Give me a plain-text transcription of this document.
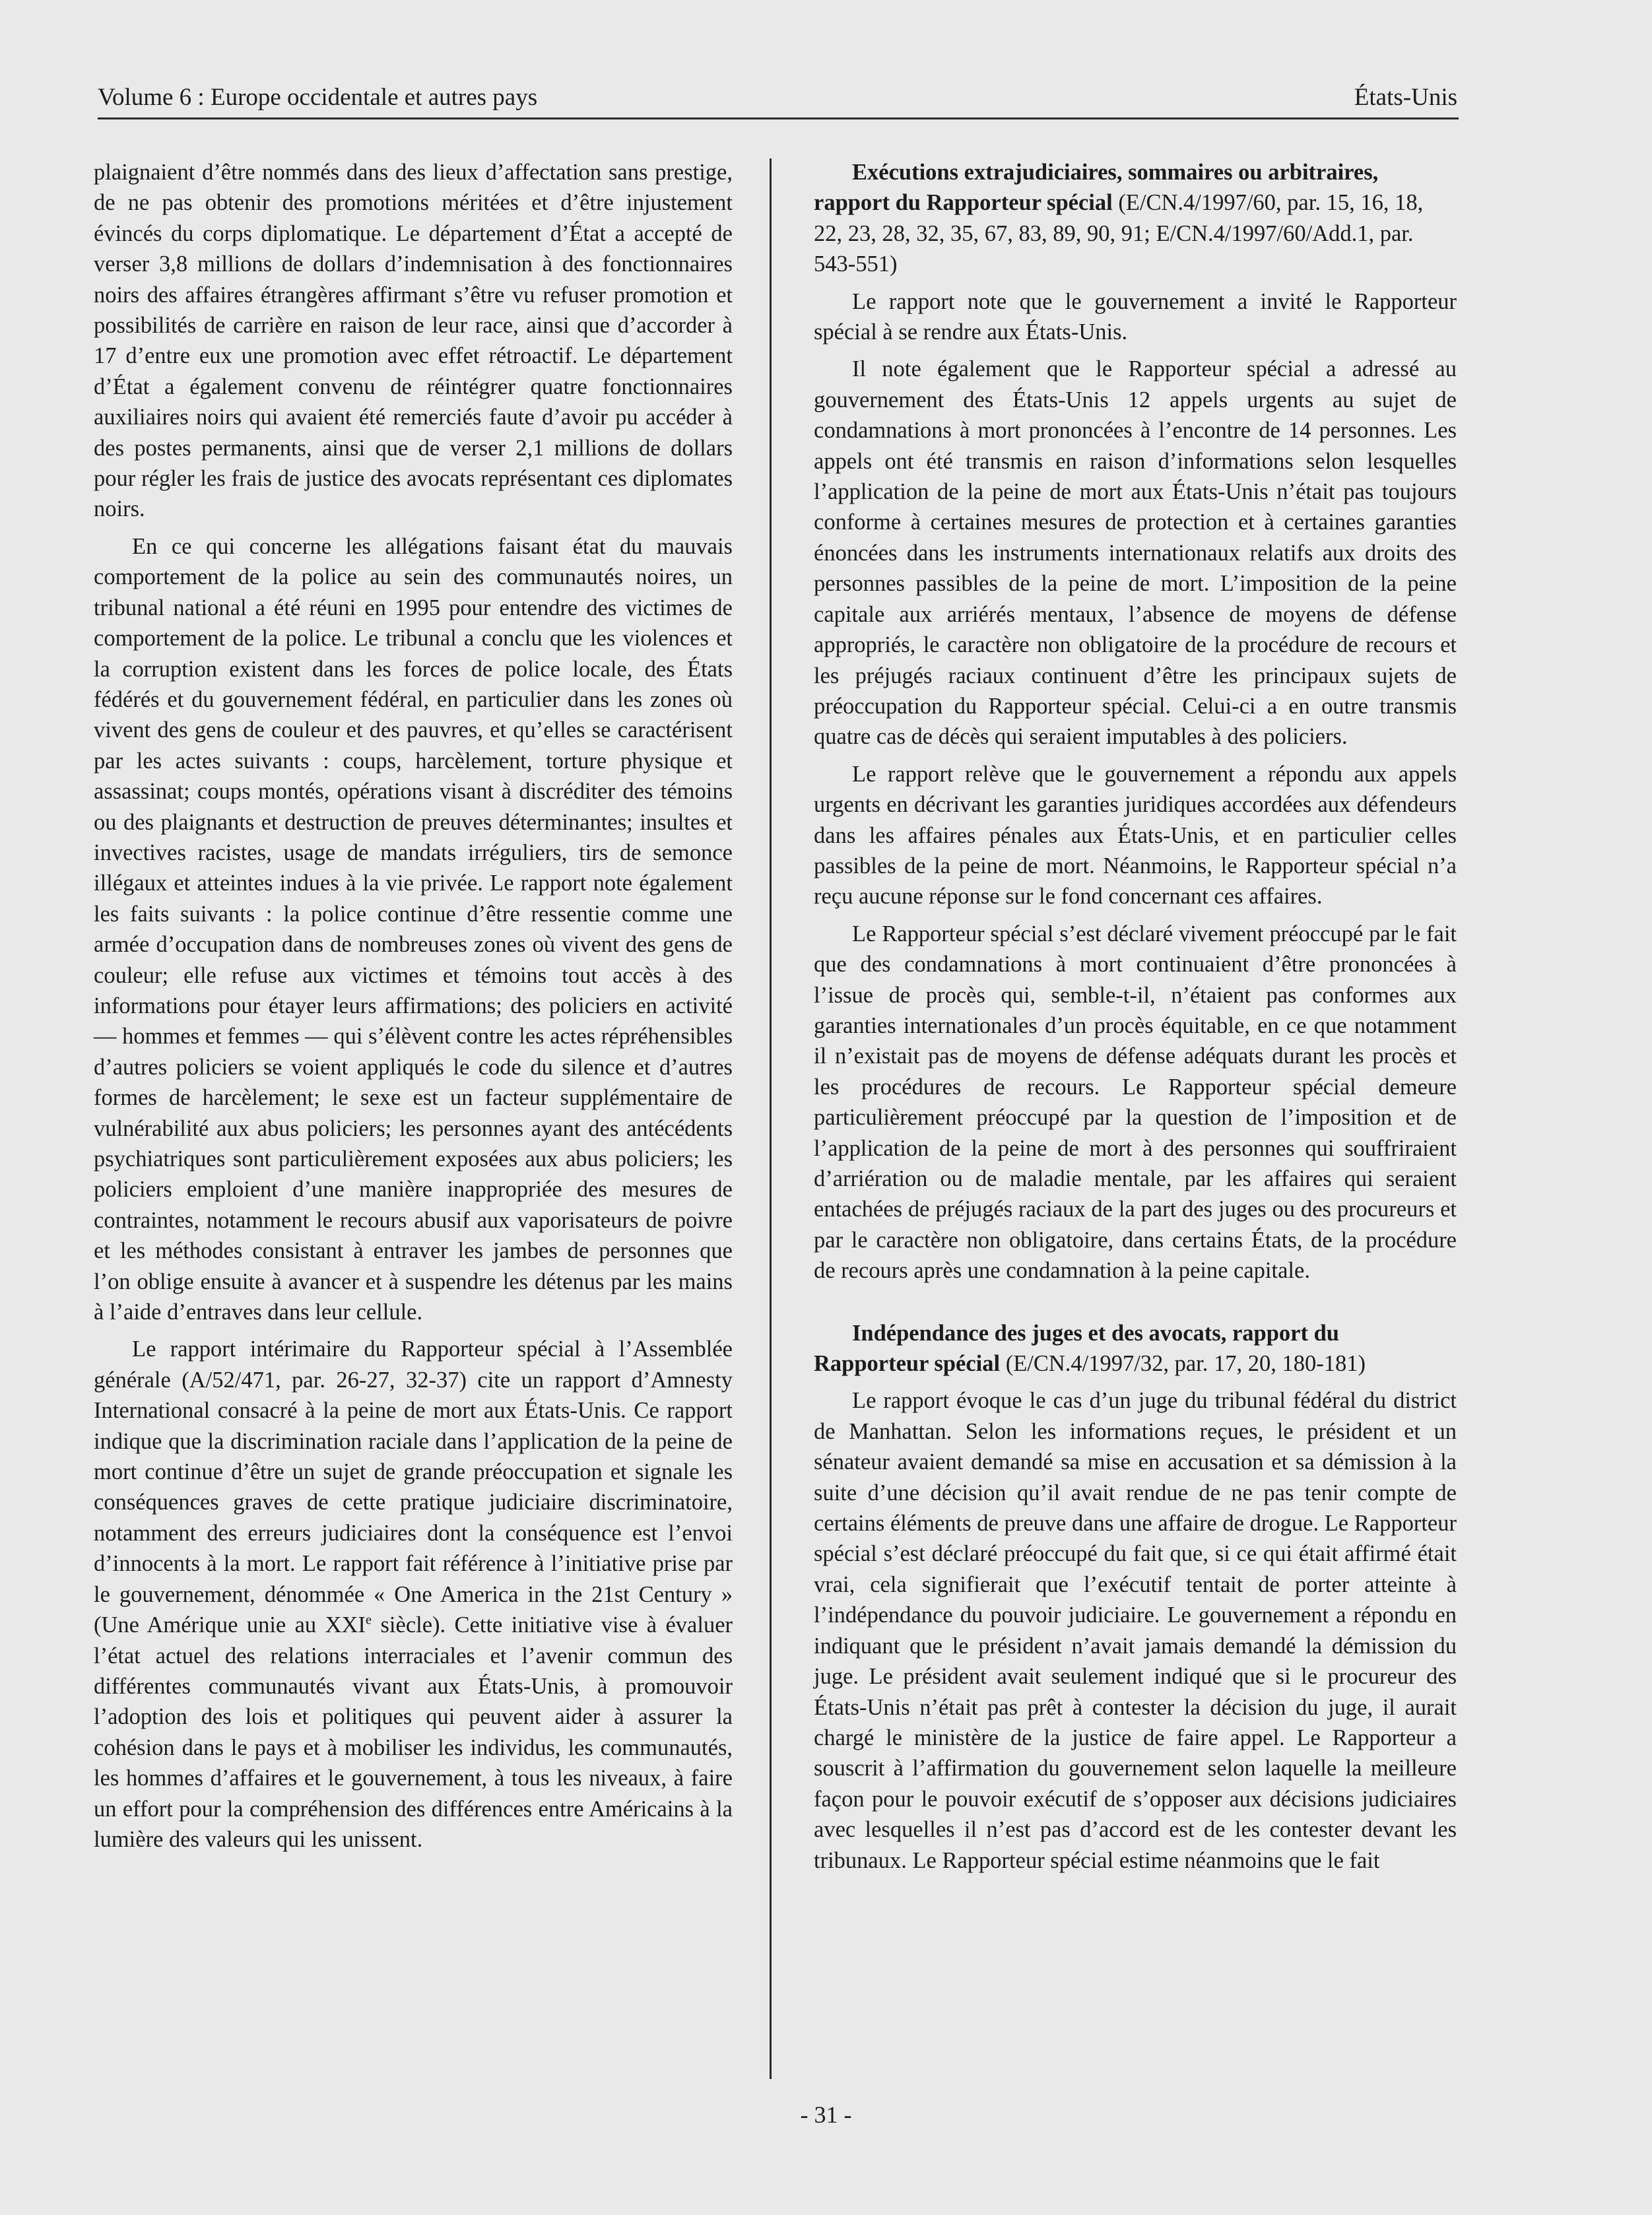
Volume 6 : Europe occidentale et autres pays	États-Unis

plaignaient d’être nommés dans des lieux d’affectation sans prestige, de ne pas obtenir des promotions méritées et d’être injustement évincés du corps diplomatique. Le département d’État a accepté de verser 3,8 millions de dollars d’indemnisation à des fonctionnaires noirs des affaires étrangères affirmant s’être vu refuser promotion et possibilités de carrière en raison de leur race, ainsi que d’accorder à 17 d’entre eux une promotion avec effet rétroactif. Le département d’État a également convenu de réintégrer quatre fonctionnaires auxiliaires noirs qui avaient été remerciés faute d’avoir pu accéder à des postes permanents, ainsi que de verser 2,1 millions de dollars pour régler les frais de justice des avocats représentant ces diplomates noirs.

En ce qui concerne les allégations faisant état du mauvais comportement de la police au sein des communautés noires, un tribunal national a été réuni en 1995 pour entendre des victimes de comportement de la police. Le tribunal a conclu que les violences et la corruption existent dans les forces de police locale, des États fédérés et du gouvernement fédéral, en particulier dans les zones où vivent des gens de couleur et des pauvres, et qu’elles se caractérisent par les actes suivants : coups, harcèlement, torture physique et assassinat; coups montés, opérations visant à discréditer des témoins ou des plaignants et destruction de preuves déterminantes; insultes et invectives racistes, usage de mandats irréguliers, tirs de semonce illégaux et atteintes indues à la vie privée. Le rapport note également les faits suivants : la police continue d’être ressentie comme une armée d’occupation dans de nombreuses zones où vivent des gens de couleur; elle refuse aux victimes et témoins tout accès à des informations pour étayer leurs affirmations; des policiers en activité — hommes et femmes — qui s’élèvent contre les actes répréhensibles d’autres policiers se voient appliqués le code du silence et d’autres formes de harcèlement; le sexe est un facteur supplémentaire de vulnérabilité aux abus policiers; les personnes ayant des antécédents psychiatriques sont particulièrement exposées aux abus policiers; les policiers emploient d’une manière inappropriée des mesures de contraintes, notamment le recours abusif aux vaporisateurs de poivre et les méthodes consistant à entraver les jambes de personnes que l’on oblige ensuite à avancer et à suspendre les détenus par les mains à l’aide d’entraves dans leur cellule.

Le rapport intérimaire du Rapporteur spécial à l’Assemblée générale (A/52/471, par. 26-27, 32-37) cite un rapport d’Amnesty International consacré à la peine de mort aux États-Unis. Ce rapport indique que la discrimination raciale dans l’application de la peine de mort continue d’être un sujet de grande préoccupation et signale les conséquences graves de cette pratique judiciaire discriminatoire, notamment des erreurs judiciaires dont la conséquence est l’envoi d’innocents à la mort. Le rapport fait référence à l’initiative prise par le gouvernement, dénommée « One America in the 21st Century » (Une Amérique unie au XXIe siècle). Cette initiative vise à évaluer l’état actuel des relations interraciales et l’avenir commun des différentes communautés vivant aux États-Unis, à promouvoir l’adoption des lois et politiques qui peuvent aider à assurer la cohésion dans le pays et à mobiliser les individus, les communautés, les hommes d’affaires et le gouvernement, à tous les niveaux, à faire un effort pour la compréhension des différences entre Américains à la lumière des valeurs qui les unissent.

Exécutions extrajudiciaires, sommaires ou arbitraires, rapport du Rapporteur spécial (E/CN.4/1997/60, par. 15, 16, 18, 22, 23, 28, 32, 35, 67, 83, 89, 90, 91; E/CN.4/1997/60/Add.1, par. 543-551)

Le rapport note que le gouvernement a invité le Rapporteur spécial à se rendre aux États-Unis.

Il note également que le Rapporteur spécial a adressé au gouvernement des États-Unis 12 appels urgents au sujet de condamnations à mort prononcées à l’encontre de 14 personnes. Les appels ont été transmis en raison d’informations selon lesquelles l’application de la peine de mort aux États-Unis n’était pas toujours conforme à certaines mesures de protection et à certaines garanties énoncées dans les instruments internationaux relatifs aux droits des personnes passibles de la peine de mort. L’imposition de la peine capitale aux arriérés mentaux, l’absence de moyens de défense appropriés, le caractère non obligatoire de la procédure de recours et les préjugés raciaux continuent d’être les principaux sujets de préoccupation du Rapporteur spécial. Celui-ci a en outre transmis quatre cas de décès qui seraient imputables à des policiers.

Le rapport relève que le gouvernement a répondu aux appels urgents en décrivant les garanties juridiques accordées aux défendeurs dans les affaires pénales aux États-Unis, et en particulier celles passibles de la peine de mort. Néanmoins, le Rapporteur spécial n’a reçu aucune réponse sur le fond concernant ces affaires.

Le Rapporteur spécial s’est déclaré vivement préoccupé par le fait que des condamnations à mort continuaient d’être prononcées à l’issue de procès qui, semble-t-il, n’étaient pas conformes aux garanties internationales d’un procès équitable, en ce que notamment il n’existait pas de moyens de défense adéquats durant les procès et les procédures de recours. Le Rapporteur spécial demeure particulièrement préoccupé par la question de l’imposition et de l’application de la peine de mort à des personnes qui souffriraient d’arriération ou de maladie mentale, par les affaires qui seraient entachées de préjugés raciaux de la part des juges ou des procureurs et par le caractère non obligatoire, dans certains États, de la procédure de recours après une condamnation à la peine capitale.

Indépendance des juges et des avocats, rapport du Rapporteur spécial (E/CN.4/1997/32, par. 17, 20, 180-181)

Le rapport évoque le cas d’un juge du tribunal fédéral du district de Manhattan. Selon les informations reçues, le président et un sénateur avaient demandé sa mise en accusation et sa démission à la suite d’une décision qu’il avait rendue de ne pas tenir compte de certains éléments de preuve dans une affaire de drogue. Le Rapporteur spécial s’est déclaré préoccupé du fait que, si ce qui était affirmé était vrai, cela signifierait que l’exécutif tentait de porter atteinte à l’indépendance du pouvoir judiciaire. Le gouvernement a répondu en indiquant que le président n’avait jamais demandé la démission du juge. Le président avait seulement indiqué que si le procureur des États-Unis n’était pas prêt à contester la décision du juge, il aurait chargé le ministère de la justice de faire appel. Le Rapporteur a souscrit à l’affirmation du gouvernement selon laquelle la meilleure façon pour le pouvoir exécutif de s’opposer aux décisions judiciaires avec lesquelles il n’est pas d’accord est de les contester devant les tribunaux. Le Rapporteur spécial estime néanmoins que le fait

- 31 -
